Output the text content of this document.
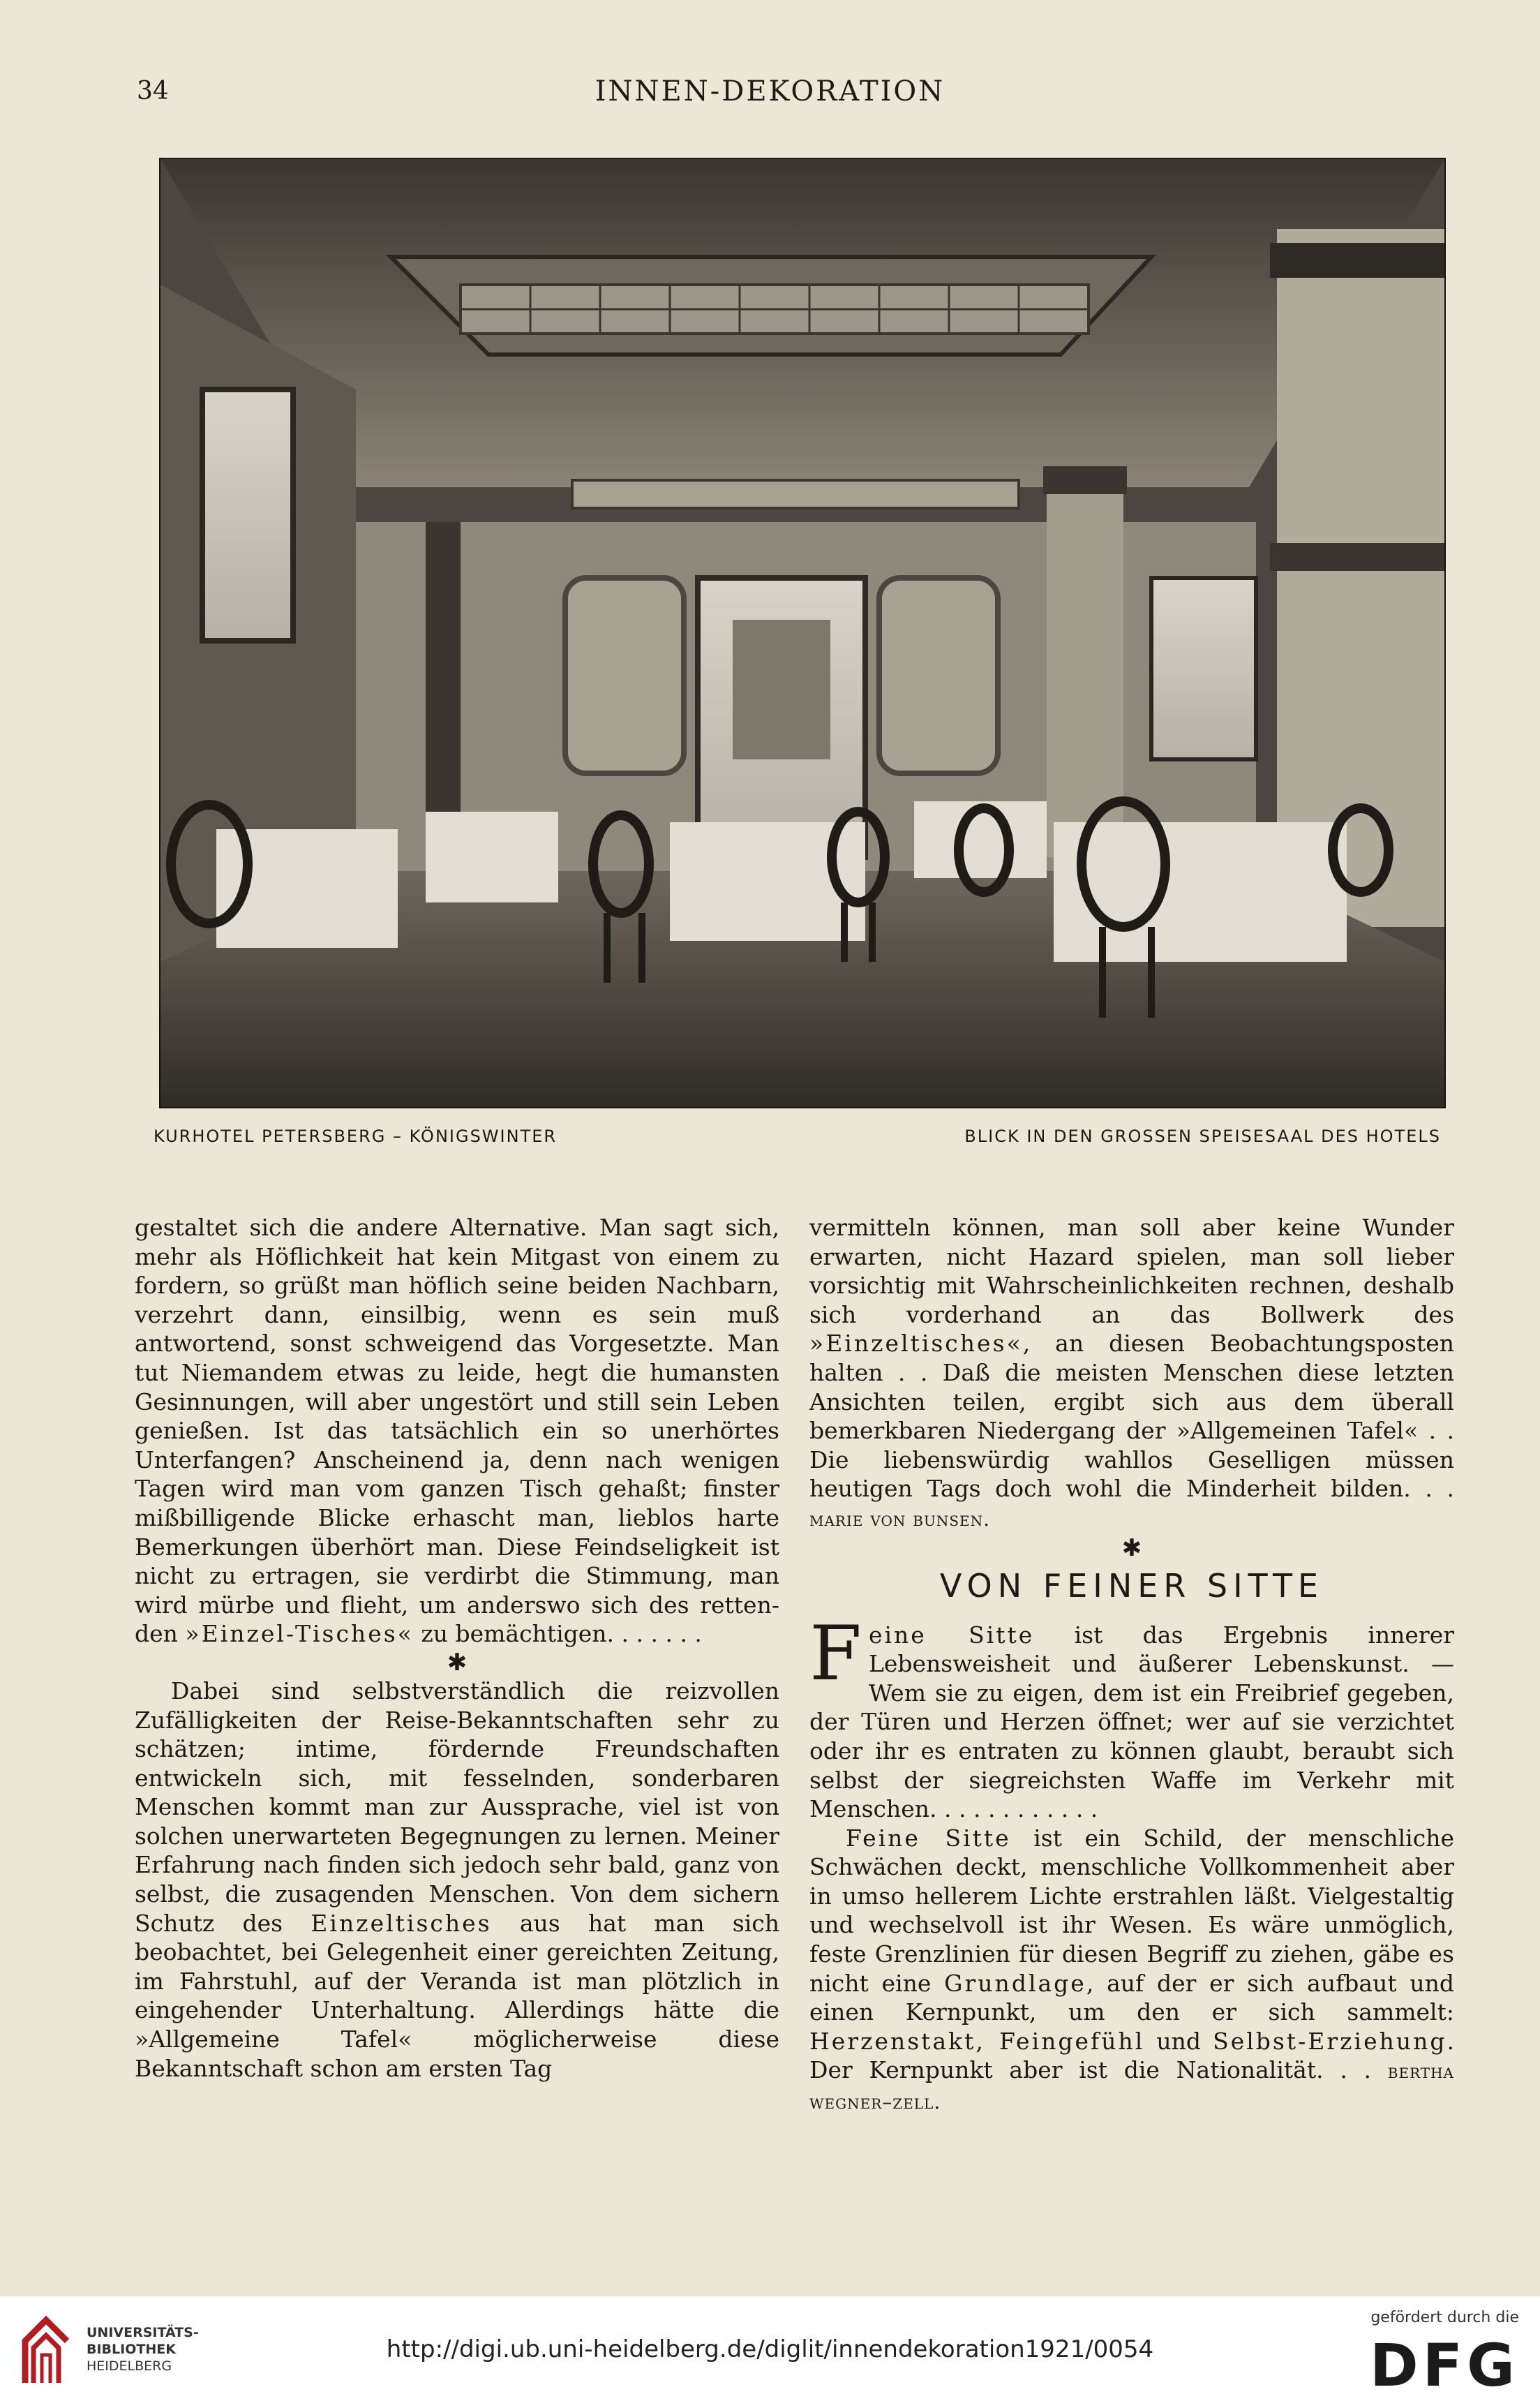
34	INNEN-DEKORATION
KURHOTEL PETERSBERG – KÖNIGSWINTER	BLICK IN DEN GROSSEN SPEISESAAL DES HOTELS

gestaltet sich die andere Alternative. Man sagt sich, mehr als Höflichkeit hat kein Mitgast von einem zu fordern, so grüßt man höflich seine beiden Nachbarn, verzehrt dann, einsilbig, wenn es sein muß antwortend, sonst schweigend das Vorgesetzte. Man tut Niemandem etwas zu leide, hegt die humansten Gesinnungen, will aber ungestört und still sein Leben genießen. Ist das tatsächlich ein so unerhörtes Unterfangen? Anscheinend ja, denn nach wenigen Tagen wird man vom ganzen Tisch gehaßt; finster mißbilligende Blicke erhascht man, lieblos harte Bemerkungen überhört man. Diese Feindseligkeit ist nicht zu ertragen, sie verdirbt die Stimmung, man wird mürbe und flieht, um anderswo sich des retten-den »Einzel-Tisches« zu bemächtigen. . . . . . .

✱

Dabei sind selbstverständlich die reizvollen Zufälligkeiten der Reise-Bekanntschaften sehr zu schätzen; intime, fördernde Freundschaften entwickeln sich, mit fesselnden, sonderbaren Menschen kommt man zur Aussprache, viel ist von solchen unerwarteten Begegnungen zu lernen. Meiner Erfahrung nach finden sich jedoch sehr bald, ganz von selbst, die zusagenden Menschen. Von dem sichern Schutz des Einzeltisches aus hat man sich beobachtet, bei Gelegenheit einer gereichten Zeitung, im Fahrstuhl, auf der Veranda ist man plötzlich in eingehender Unterhaltung. Allerdings hätte die »Allgemeine Tafel« möglicherweise diese Bekanntschaft schon am ersten Tag

vermitteln können, man soll aber keine Wunder erwarten, nicht Hazard spielen, man soll lieber vorsichtig mit Wahrscheinlichkeiten rechnen, deshalb sich vorderhand an das Bollwerk des »Einzeltisches«, an diesen Beobachtungsposten halten . . Daß die meisten Menschen diese letzten Ansichten teilen, ergibt sich aus dem überall bemerkbaren Niedergang der »Allgemeinen Tafel« . . Die liebenswürdig wahllos Geselligen müssen heutigen Tags doch wohl die Minderheit bilden. . . marie von bunsen.

✱
VON FEINER SITTE

F eine Sitte ist das Ergebnis innerer Lebensweisheit und äußerer Lebenskunst. — Wem sie zu eigen, dem ist ein Freibrief gegeben, der Türen und Herzen öffnet; wer auf sie verzichtet oder ihr es entraten zu können glaubt, beraubt sich selbst der siegreichsten Waffe im Verkehr mit Menschen. . . . . . . . . . . .

Feine Sitte ist ein Schild, der menschliche Schwächen deckt, menschliche Vollkommenheit aber in umso hellerem Lichte erstrahlen läßt. Vielgestaltig und wechselvoll ist ihr Wesen. Es wäre unmöglich, feste Grenzlinien für diesen Begriff zu ziehen, gäbe es nicht eine Grundlage, auf der er sich aufbaut und einen Kernpunkt, um den er sich sammelt: Herzenstakt, Feingefühl und Selbst-Erziehung. Der Kernpunkt aber ist die Nationalität. . . bertha wegner–zell.

UNIVERSITÄTS-
BIBLIOTHEK
HEIDELBERG
http://digi.ub.uni-heidelberg.de/diglit/innendekoration1921/0054
gefördert durch die
DFG
